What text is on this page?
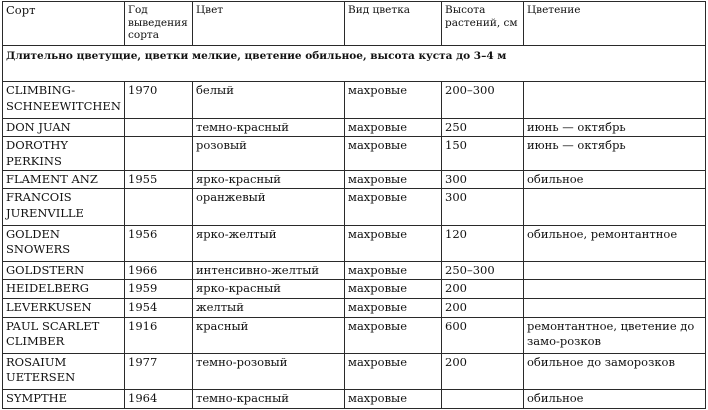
Сорт	Год выведения сорта	Цвет	Вид цветка	Высота растений, см	Цветение
Длительно цветущие, цветки мелкие, цветение обильное, высота куста до 3–4 м					
CLIMBING-SCHNEEWITCHEN	1970	белый	махровые	200–300	
DON JUAN		темно-красный	махровые	250	июнь — октябрь
DOROTHY PERKINS		розовый	махровые	150	июнь — октябрь
FLAMENT ANZ	1955	ярко-красный	махровые	300	обильное
FRANCOIS JURENVILLE		оранжевый	махровые	300	
GOLDEN SNOWERS	1956	ярко-желтый	махровые	120	обильное, ремонтантное
GOLDSTERN	1966	интенсивно-желтый	махровые	250–300	
HEIDELBERG	1959	ярко-красный	махровые	200	
LEVERKUSEN	1954	желтый	махровые	200	
PAUL SCARLET CLIMBER	1916	красный	махровые	600	ремонтантное, цветение до замо-розков
ROSAIUM UETERSEN	1977	темно-розовый	махровые	200	обильное до заморозков
SYMPTHE	1964	темно-красный	махровые		обильное
